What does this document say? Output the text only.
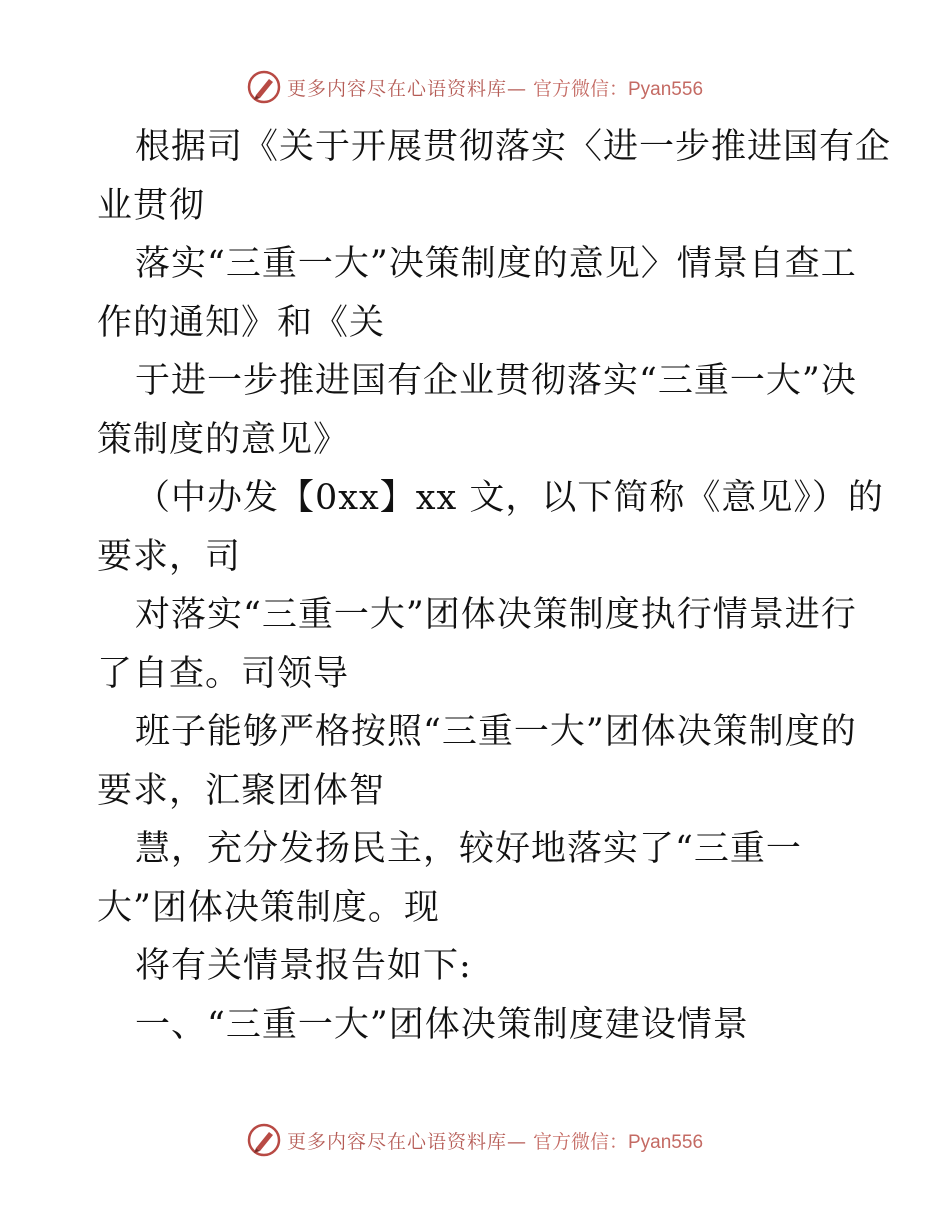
更多内容尽在心语资料库— 官方微信：Pyan556
根据司《关于开展贯彻落实〈进一步推进国有企
业贯彻
落实“三重一大”决策制度的意见〉情景自查工
作的通知》和《关
于进一步推进国有企业贯彻落实“三重一大”决
策制度的意见》
（中办发【0xx】xx 文，以下简称《意见》）的
要求，司
对落实“三重一大”团体决策制度执行情景进行
了自查。司领导
班子能够严格按照“三重一大”团体决策制度的
要求，汇聚团体智
慧，充分发扬民主，较好地落实了“三重一
大”团体决策制度。现
将有关情景报告如下:
一、“三重一大”团体决策制度建设情景
更多内容尽在心语资料库— 官方微信：Pyan556
